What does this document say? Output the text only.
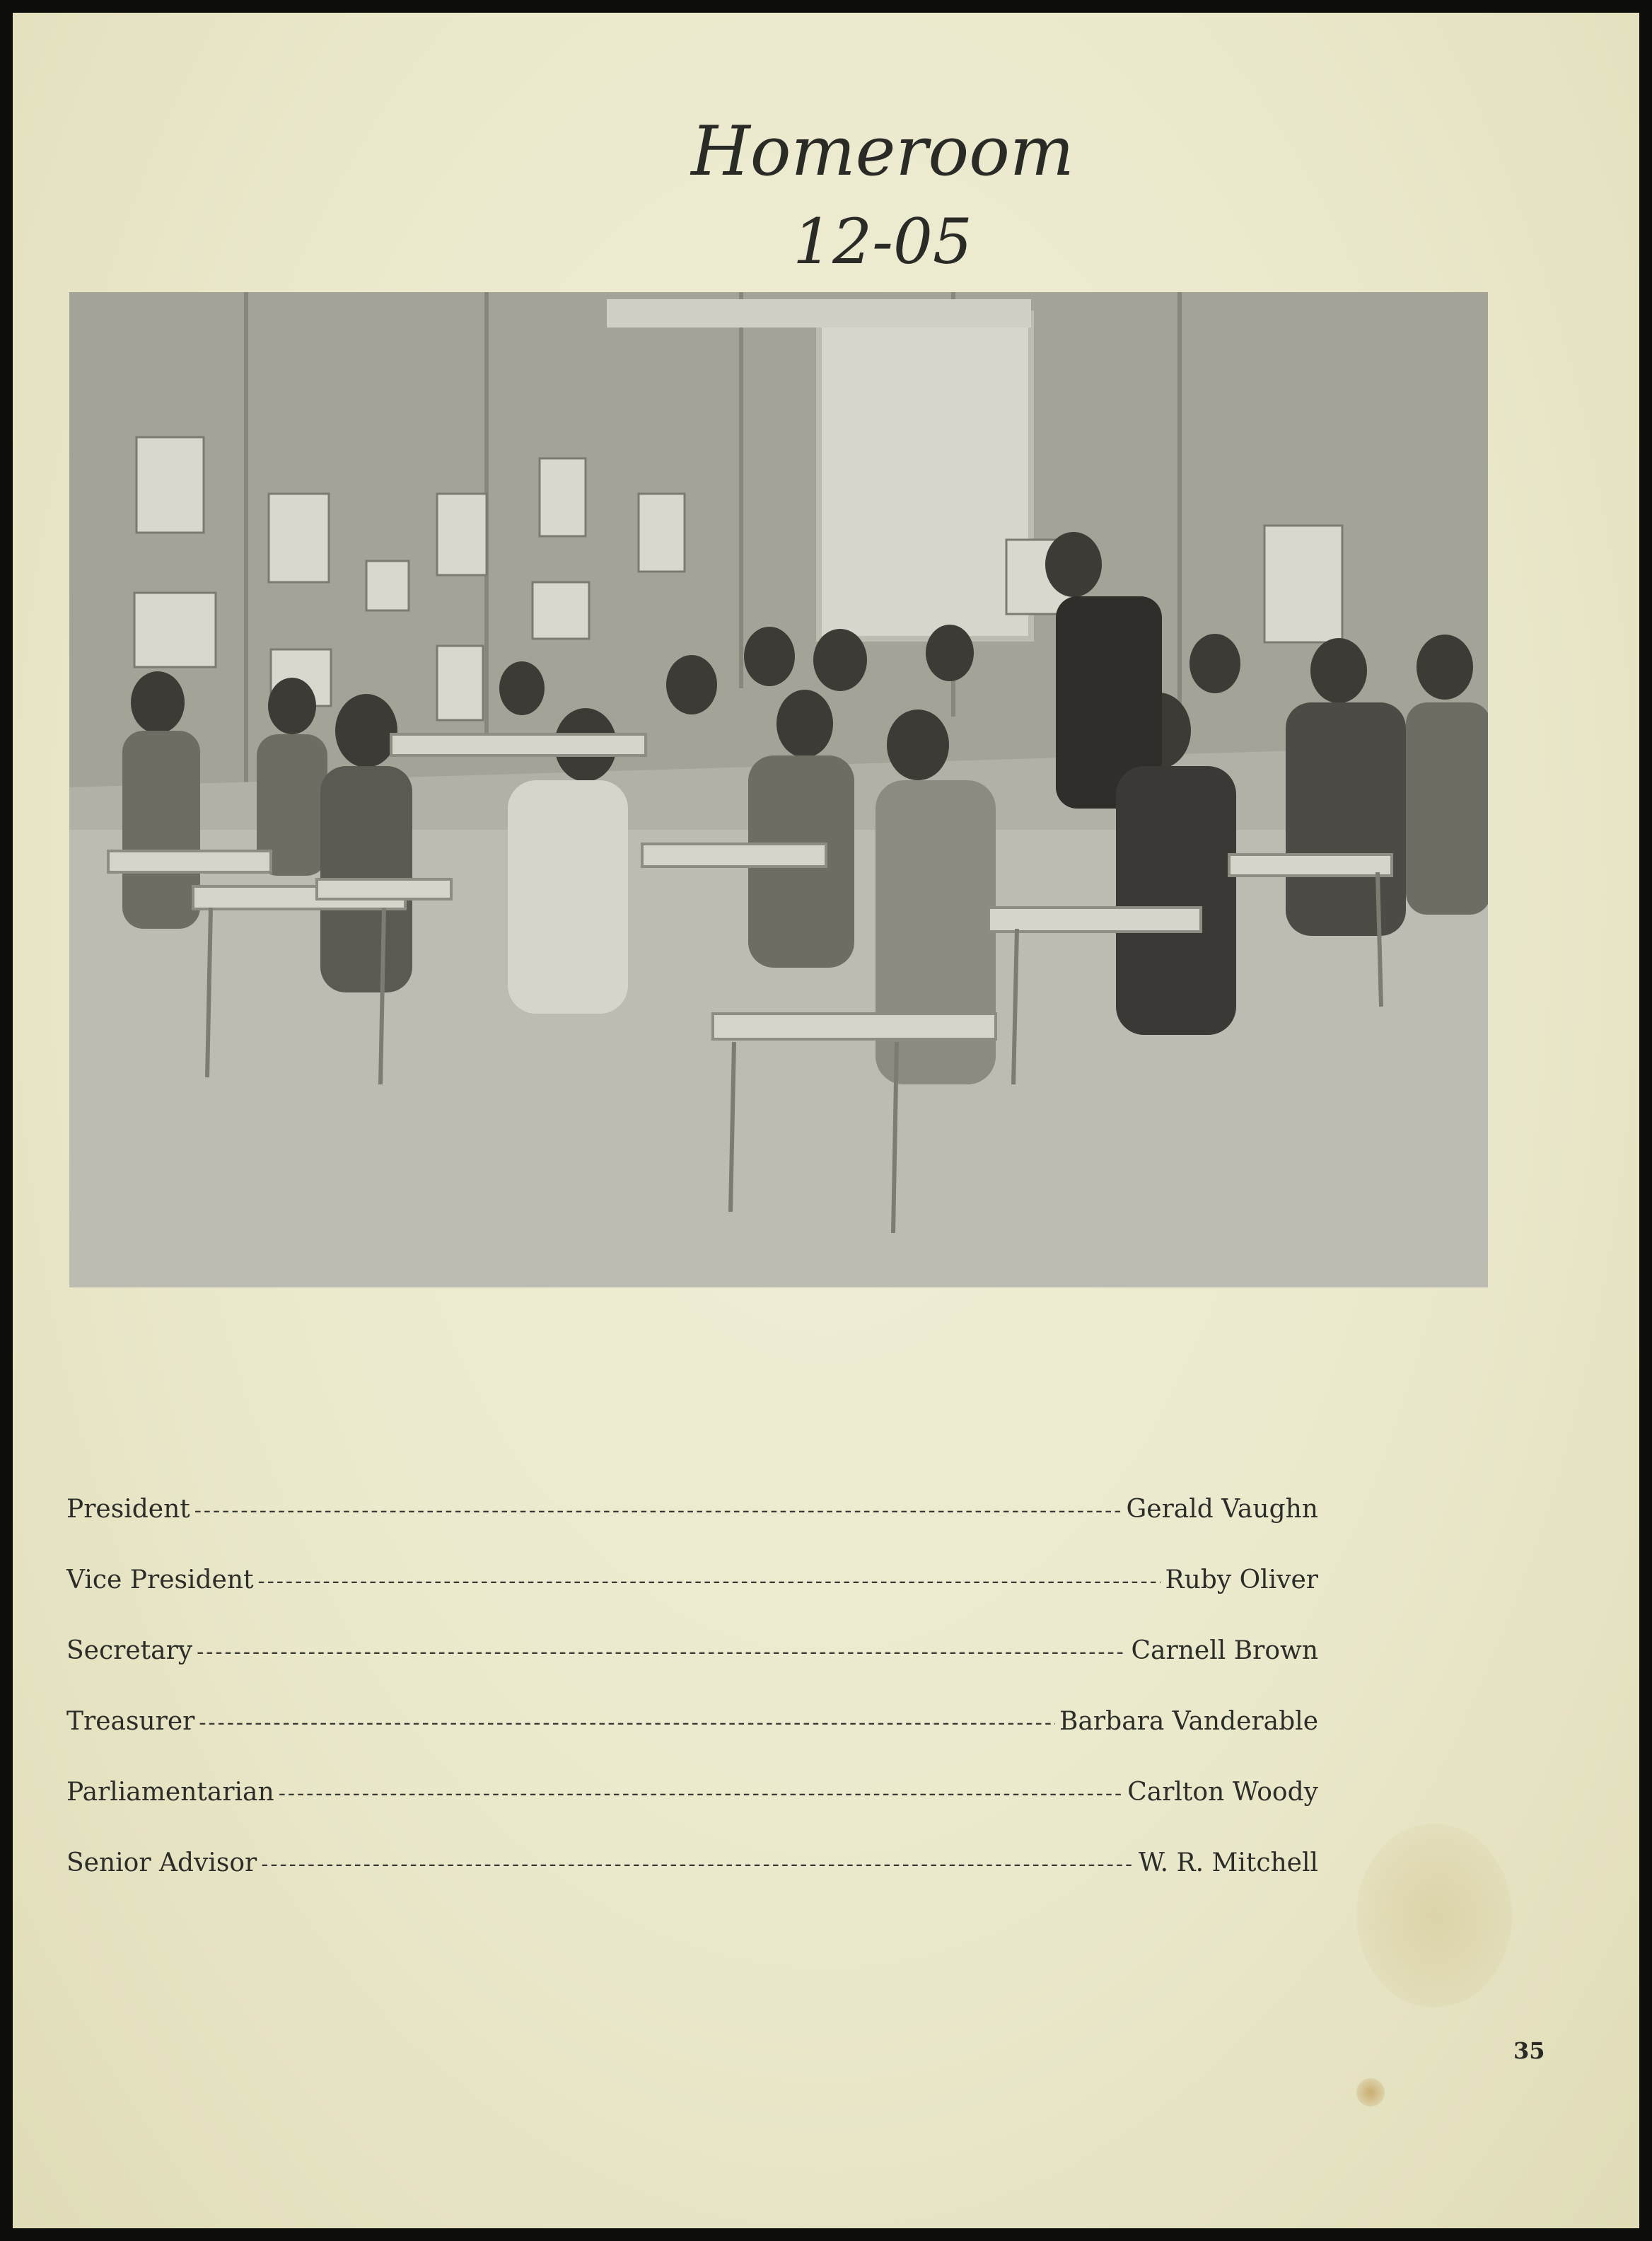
Homeroom
12-05
President -----	Gerald Vaughn
Vice President -----	Ruby Oliver
Secretary -----	Carnell Brown
Treasurer -----	Barbara Vanderable
Parliamentarian -----	Carlton Woody
Senior Advisor -----	W. R. Mitchell
35
